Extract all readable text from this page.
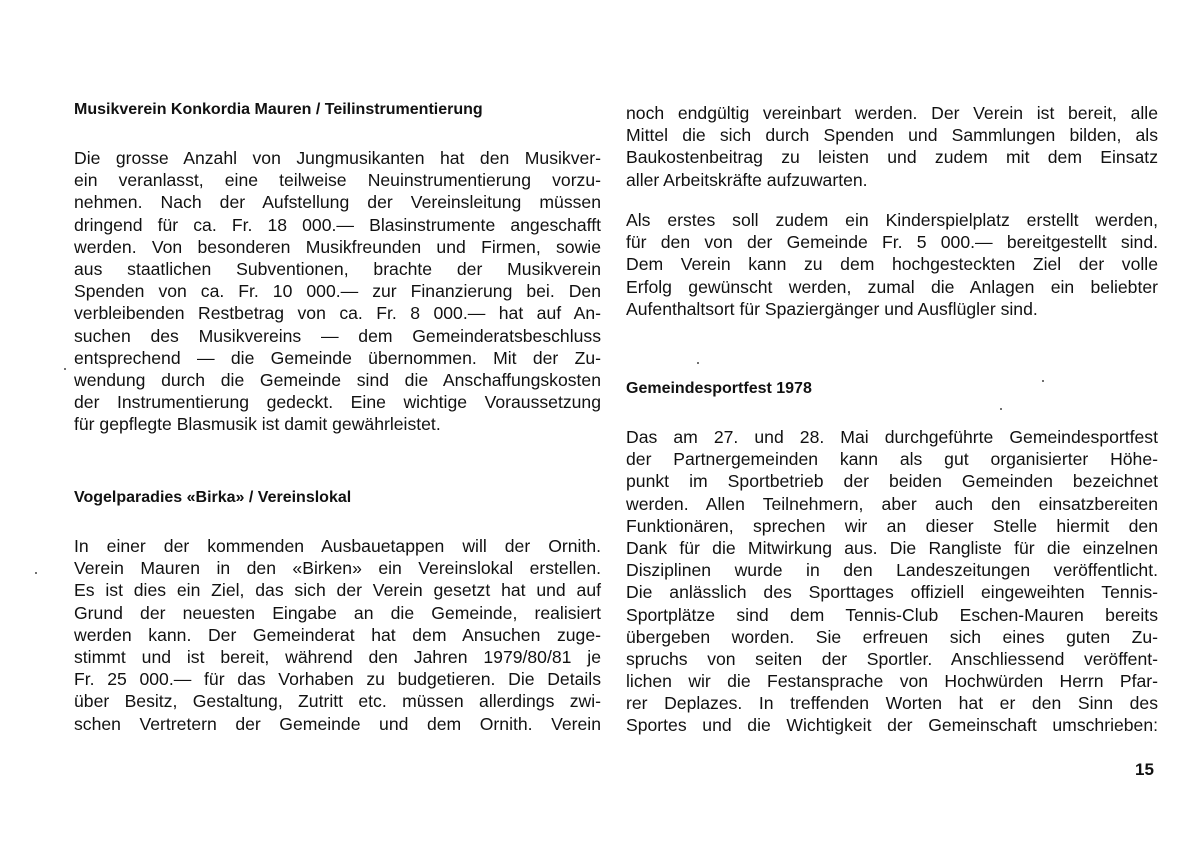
Musikverein Konkordia Mauren / Teilinstrumentierung
Die grosse Anzahl von Jungmusikanten hat den Musikver-
ein veranlasst, eine teilweise Neuinstrumentierung vorzu-
nehmen. Nach der Aufstellung der Vereinsleitung müssen
dringend für ca. Fr. 18 000.— Blasinstrumente angeschafft
werden. Von besonderen Musikfreunden und Firmen, sowie
aus staatlichen Subventionen, brachte der Musikverein
Spenden von ca. Fr. 10 000.— zur Finanzierung bei. Den
verbleibenden Restbetrag von ca. Fr. 8 000.— hat auf An-
suchen des Musikvereins — dem Gemeinderatsbeschluss
entsprechend — die Gemeinde übernommen. Mit der Zu-
wendung durch die Gemeinde sind die Anschaffungskosten
der Instrumentierung gedeckt. Eine wichtige Voraussetzung
für gepflegte Blasmusik ist damit gewährleistet.
Vogelparadies «Birka» / Vereinslokal
In einer der kommenden Ausbauetappen will der Ornith.
Verein Mauren in den «Birken» ein Vereinslokal erstellen.
Es ist dies ein Ziel, das sich der Verein gesetzt hat und auf
Grund der neuesten Eingabe an die Gemeinde, realisiert
werden kann. Der Gemeinderat hat dem Ansuchen zuge-
stimmt und ist bereit, während den Jahren 1979/80/81 je
Fr. 25 000.— für das Vorhaben zu budgetieren. Die Details
über Besitz, Gestaltung, Zutritt etc. müssen allerdings zwi-
schen Vertretern der Gemeinde und dem Ornith. Verein
noch endgültig vereinbart werden. Der Verein ist bereit, alle
Mittel die sich durch Spenden und Sammlungen bilden, als
Baukostenbeitrag zu leisten und zudem mit dem Einsatz
aller Arbeitskräfte aufzuwarten.
Als erstes soll zudem ein Kinderspielplatz erstellt werden,
für den von der Gemeinde Fr. 5 000.— bereitgestellt sind.
Dem Verein kann zu dem hochgesteckten Ziel der volle
Erfolg gewünscht werden, zumal die Anlagen ein beliebter
Aufenthaltsort für Spaziergänger und Ausflügler sind.
Gemeindesportfest 1978
Das am 27. und 28. Mai durchgeführte Gemeindesportfest
der Partnergemeinden kann als gut organisierter Höhe-
punkt im Sportbetrieb der beiden Gemeinden bezeichnet
werden. Allen Teilnehmern, aber auch den einsatzbereiten
Funktionären, sprechen wir an dieser Stelle hiermit den
Dank für die Mitwirkung aus. Die Rangliste für die einzelnen
Disziplinen wurde in den Landeszeitungen veröffentlicht.
Die anlässlich des Sporttages offiziell eingeweihten Tennis-
Sportplätze sind dem Tennis-Club Eschen-Mauren bereits
übergeben worden. Sie erfreuen sich eines guten Zu-
spruchs von seiten der Sportler. Anschliessend veröffent-
lichen wir die Festansprache von Hochwürden Herrn Pfar-
rer Deplazes. In treffenden Worten hat er den Sinn des
Sportes und die Wichtigkeit der Gemeinschaft umschrieben:
15
